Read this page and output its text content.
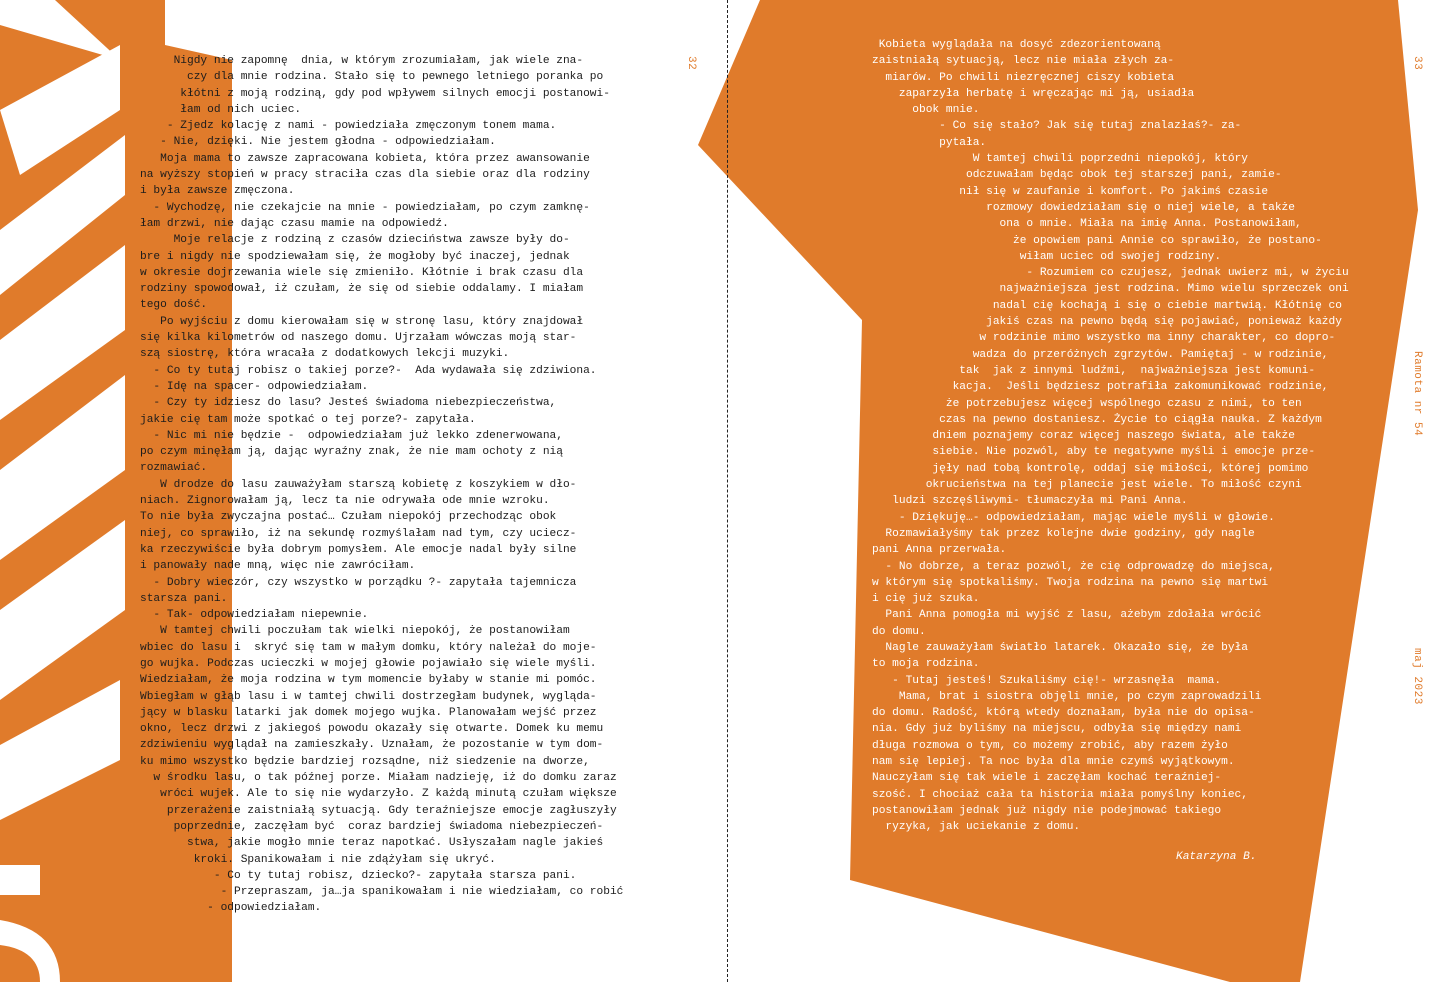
32	33
Ramota nr 54
maj 2023
Nigdy nie zapomnę  dnia, w którym zrozumiałam, jak wiele zna-
czy dla mnie rodzina. Stało się to pewnego letniego poranka po
kłótni z moją rodziną, gdy pod wpływem silnych emocji postanowi-
łam od nich uciec.
- Zjedz kolację z nami - powiedziała zmęczonym tonem mama.
- Nie, dzięki. Nie jestem głodna - odpowiedziałam.
Moja mama to zawsze zapracowana kobieta, która przez awansowanie
na wyższy stopień w pracy straciła czas dla siebie oraz dla rodziny
i była zawsze zmęczona.
- Wychodzę, nie czekajcie na mnie - powiedziałam, po czym zamknę-
łam drzwi, nie dając czasu mamie na odpowiedź.
Moje relacje z rodziną z czasów dzieciństwa zawsze były do-
bre i nigdy nie spodziewałam się, że mogłoby być inaczej, jednak
w okresie dojrzewania wiele się zmieniło. Kłótnie i brak czasu dla
rodziny spowodował, iż czułam, że się od siebie oddalamy. I miałam
tego dość.
Po wyjściu z domu kierowałam się w stronę lasu, który znajdował
się kilka kilometrów od naszego domu. Ujrzałam wówczas moją star-
szą siostrę, która wracała z dodatkowych lekcji muzyki.
- Co ty tutaj robisz o takiej porze?-  Ada wydawała się zdziwiona.
- Idę na spacer- odpowiedziałam.
- Czy ty idziesz do lasu? Jesteś świadoma niebezpieczeństwa,
jakie cię tam może spotkać o tej porze?- zapytała.
- Nic mi nie będzie -  odpowiedziałam już lekko zdenerwowana,
po czym minęłam ją, dając wyraźny znak, że nie mam ochoty z nią
rozmawiać.
W drodze do lasu zauważyłam starszą kobietę z koszykiem w dło-
niach. Zignorowałam ją, lecz ta nie odrywała ode mnie wzroku.
To nie była zwyczajna postać… Czułam niepokój przechodząc obok
niej, co sprawiło, iż na sekundę rozmyślałam nad tym, czy uciecz-
ka rzeczywiście była dobrym pomysłem. Ale emocje nadal były silne
i panowały nade mną, więc nie zawróciłam.
- Dobry wieczór, czy wszystko w porządku ?- zapytała tajemnicza
starsza pani.
- Tak- odpowiedziałam niepewnie.
W tamtej chwili poczułam tak wielki niepokój, że postanowiłam
wbiec do lasu i  skryć się tam w małym domku, który należał do moje-
go wujka. Podczas ucieczki w mojej głowie pojawiało się wiele myśli.
Wiedziałam, że moja rodzina w tym momencie byłaby w stanie mi pomóc.
Wbiegłam w głąb lasu i w tamtej chwili dostrzegłam budynek, wygląda-
jący w blasku latarki jak domek mojego wujka. Planowałam wejść przez
okno, lecz drzwi z jakiegoś powodu okazały się otwarte. Domek ku memu
zdziwieniu wyglądał na zamieszkały. Uznałam, że pozostanie w tym dom-
ku mimo wszystko będzie bardziej rozsądne, niż siedzenie na dworze,
w środku lasu, o tak późnej porze. Miałam nadzieję, iż do domku zaraz
wróci wujek. Ale to się nie wydarzyło. Z każdą minutą czułam większe
przerażenie zaistniałą sytuacją. Gdy teraźniejsze emocje zagłuszyły
poprzednie, zaczęłam być  coraz bardziej świadoma niebezpieczeń-
stwa, jakie mogło mnie teraz napotkać. Usłyszałam nagle jakieś
kroki. Spanikowałam i nie zdążyłam się ukryć.
- Co ty tutaj robisz, dziecko?- zapytała starsza pani.
- Przepraszam, ja…ja spanikowałam i nie wiedziałam, co robić
- odpowiedziałam.
Kobieta wyglądała na dosyć zdezorientowaną
zaistniałą sytuacją, lecz nie miała złych za-
miarów. Po chwili niezręcznej ciszy kobieta
zaparzyła herbatę i wręczając mi ją, usiadła
obok mnie.
- Co się stało? Jak się tutaj znalazłaś?- za-
pytała.
W tamtej chwili poprzedni niepokój, który
odczuwałam będąc obok tej starszej pani, zamie-
nił się w zaufanie i komfort. Po jakimś czasie
rozmowy dowiedziałam się o niej wiele, a także
ona o mnie. Miała na imię Anna. Postanowiłam,
że opowiem pani Annie co sprawiło, że postano-
wiłam uciec od swojej rodziny.
- Rozumiem co czujesz, jednak uwierz mi, w życiu
najważniejsza jest rodzina. Mimo wielu sprzeczek oni
nadal cię kochają i się o ciebie martwią. Kłótnię co
jakiś czas na pewno będą się pojawiać, ponieważ każdy
w rodzinie mimo wszystko ma inny charakter, co dopro-
wadza do przeróżnych zgrzytów. Pamiętaj - w rodzinie,
tak  jak z innymi ludźmi,  najważniejsza jest komuni-
kacja.  Jeśli będziesz potrafiła zakomunikować rodzinie,
że potrzebujesz więcej wspólnego czasu z nimi, to ten
czas na pewno dostaniesz. Życie to ciągła nauka. Z każdym
dniem poznajemy coraz więcej naszego świata, ale także
siebie. Nie pozwól, aby te negatywne myśli i emocje prze-
jęły nad tobą kontrolę, oddaj się miłości, której pomimo
okrucieństwa na tej planecie jest wiele. To miłość czyni
ludzi szczęśliwymi- tłumaczyła mi Pani Anna.
- Dziękuję…- odpowiedziałam, mając wiele myśli w głowie.
Rozmawiałyśmy tak przez kolejne dwie godziny, gdy nagle
pani Anna przerwała.
- No dobrze, a teraz pozwól, że cię odprowadzę do miejsca,
w którym się spotkaliśmy. Twoja rodzina na pewno się martwi
i cię już szuka.
Pani Anna pomogła mi wyjść z lasu, ażebym zdołała wrócić
do domu.
Nagle zauważyłam światło latarek. Okazało się, że była
to moja rodzina.
- Tutaj jesteś! Szukaliśmy cię!- wrzasnęła  mama.
Mama, brat i siostra objęli mnie, po czym zaprowadzili
do domu. Radość, którą wtedy doznałam, była nie do opisa-
nia. Gdy już byliśmy na miejscu, odbyła się między nami
długa rozmowa o tym, co możemy zrobić, aby razem żyło
nam się lepiej. Ta noc była dla mnie czymś wyjątkowym.
Nauczyłam się tak wiele i zaczęłam kochać teraźniej-
szość. I chociaż cała ta historia miała pomyślny koniec,
postanowiłam jednak już nigdy nie podejmować takiego
ryzyka, jak uciekanie z domu.
Katarzyna B.
